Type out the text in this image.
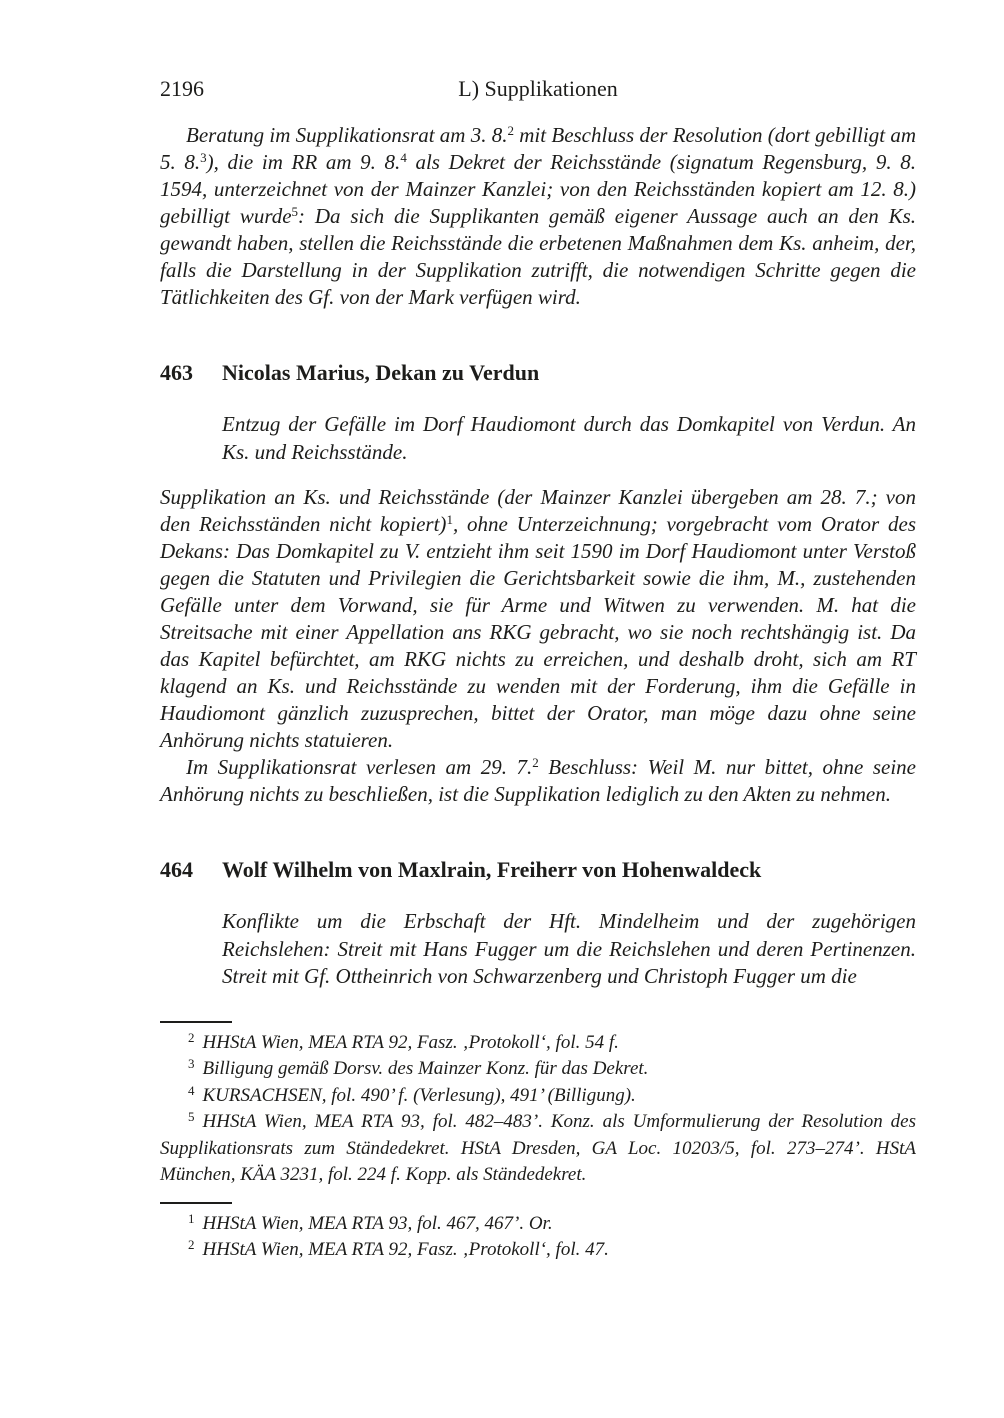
2196	L) Supplikationen

Beratung im Supplikationsrat am 3. 8.$^2$ mit Beschluss der Resolution (dort gebilligt am 5. 8.$^3$), die im RR am 9. 8.$^4$ als Dekret der Reichsstände (signatum Regensburg, 9. 8. 1594, unterzeichnet von der Mainzer Kanzlei; von den Reichsständen kopiert am 12. 8.) gebilligt wurde$^5$: Da sich die Supplikanten gemäß eigener Aussage auch an den Ks. gewandt haben, stellen die Reichsstände die erbetenen Maßnahmen dem Ks. anheim, der, falls die Darstellung in der Supplikation zutrifft, die notwendigen Schritte gegen die Tätlichkeiten des Gf. von der Mark verfügen wird.

463	Nicolas Marius, Dekan zu Verdun

Entzug der Gefälle im Dorf Haudiomont durch das Domkapitel von Verdun. An Ks. und Reichsstände.

Supplikation an Ks. und Reichsstände (der Mainzer Kanzlei übergeben am 28. 7.; von den Reichsständen nicht kopiert)$^1$, ohne Unterzeichnung; vorgebracht vom Orator des Dekans: Das Domkapitel zu V. entzieht ihm seit 1590 im Dorf Haudiomont unter Verstoß gegen die Statuten und Privilegien die Gerichtsbarkeit sowie die ihm, M., zustehenden Gefälle unter dem Vorwand, sie für Arme und Witwen zu verwenden. M. hat die Streitsache mit einer Appellation ans RKG gebracht, wo sie noch rechtshängig ist. Da das Kapitel befürchtet, am RKG nichts zu erreichen, und deshalb droht, sich am RT klagend an Ks. und Reichsstände zu wenden mit der Forderung, ihm die Gefälle in Haudiomont gänzlich zuzusprechen, bittet der Orator, man möge dazu ohne seine Anhörung nichts statuieren.

Im Supplikationsrat verlesen am 29. 7.$^2$ Beschluss: Weil M. nur bittet, ohne seine Anhörung nichts zu beschließen, ist die Supplikation lediglich zu den Akten zu nehmen.

464	Wolf Wilhelm von Maxlrain, Freiherr von Hohenwaldeck

Konflikte um die Erbschaft der Hft. Mindelheim und der zugehörigen Reichslehen: Streit mit Hans Fugger um die Reichslehen und deren Pertinenzen. Streit mit Gf. Ottheinrich von Schwarzenberg und Christoph Fugger um die

$^2$ HHStA Wien, MEA RTA 92, Fasz. ‚Protokoll‘, fol. 54 f.

$^3$ Billigung gemäß Dorsv. des Mainzer Konz. für das Dekret.

$^4$ KURSACHSEN, fol. 490’ f. (Verlesung), 491’ (Billigung).

$^5$ HHStA Wien, MEA RTA 93, fol. 482–483’. Konz. als Umformulierung der Resolution des Supplikationsrats zum Ständedekret. HStA Dresden, GA Loc. 10203/5, fol. 273–274’. HStA München, KÄA 3231, fol. 224 f. Kopp. als Ständedekret.

$^1$ HHStA Wien, MEA RTA 93, fol. 467, 467’. Or.

$^2$ HHStA Wien, MEA RTA 92, Fasz. ‚Protokoll‘, fol. 47.
